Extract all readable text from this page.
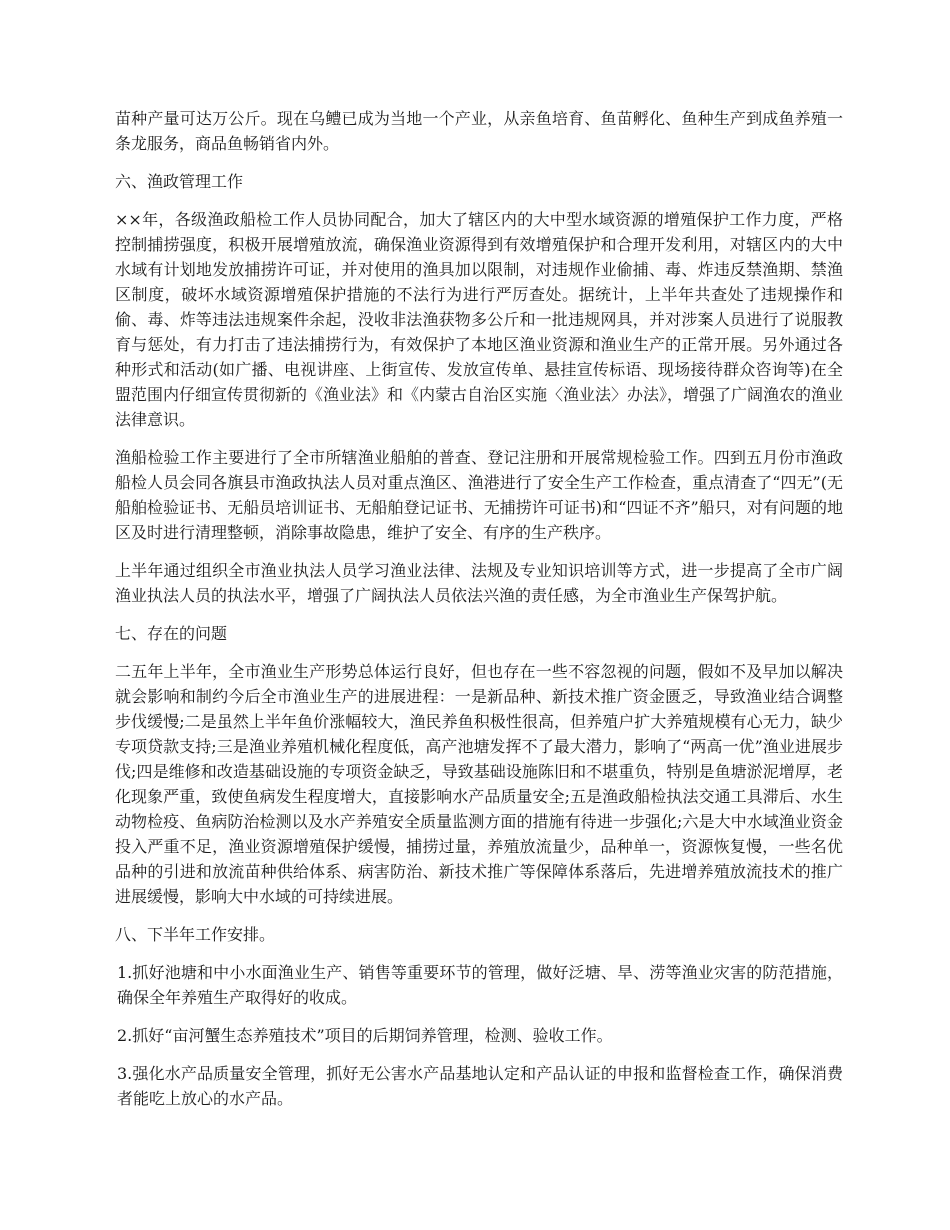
苗种产量可达万公斤。现在乌鳢已成为当地一个产业，从亲鱼培育、鱼苗孵化、鱼种生产到成鱼养殖一条龙服务，商品鱼畅销省内外。

六、渔政管理工作

××年，各级渔政船检工作人员协同配合，加大了辖区内的大中型水域资源的增殖保护工作力度，严格控制捕捞强度，积极开展增殖放流，确保渔业资源得到有效增殖保护和合理开发利用，对辖区内的大中水域有计划地发放捕捞许可证，并对使用的渔具加以限制，对违规作业偷捕、毒、炸违反禁渔期、禁渔区制度，破坏水域资源增殖保护措施的不法行为进行严厉查处。据统计，上半年共查处了违规操作和偷、毒、炸等违法违规案件余起，没收非法渔获物多公斤和一批违规网具，并对涉案人员进行了说服教育与惩处，有力打击了违法捕捞行为，有效保护了本地区渔业资源和渔业生产的正常开展。另外通过各种形式和活动(如广播、电视讲座、上街宣传、发放宣传单、悬挂宣传标语、现场接待群众咨询等)在全盟范围内仔细宣传贯彻新的《渔业法》和《内蒙古自治区实施〈渔业法〉办法》，增强了广阔渔农的渔业法律意识。

渔船检验工作主要进行了全市所辖渔业船舶的普查、登记注册和开展常规检验工作。四到五月份市渔政船检人员会同各旗县市渔政执法人员对重点渔区、渔港进行了安全生产工作检查，重点清查了“四无”(无船舶检验证书、无船员培训证书、无船舶登记证书、无捕捞许可证书)和“四证不齐”船只，对有问题的地区及时进行清理整顿，消除事故隐患，维护了安全、有序的生产秩序。

上半年通过组织全市渔业执法人员学习渔业法律、法规及专业知识培训等方式，进一步提高了全市广阔渔业执法人员的执法水平，增强了广阔执法人员依法兴渔的责任感，为全市渔业生产保驾护航。

七、存在的问题

二五年上半年，全市渔业生产形势总体运行良好，但也存在一些不容忽视的问题，假如不及早加以解决就会影响和制约今后全市渔业生产的进展进程：一是新品种、新技术推广资金匮乏，导致渔业结合调整步伐缓慢;二是虽然上半年鱼价涨幅较大，渔民养鱼积极性很高，但养殖户扩大养殖规模有心无力，缺少专项贷款支持;三是渔业养殖机械化程度低，高产池塘发挥不了最大潜力，影响了“两高一优”渔业进展步伐;四是维修和改造基础设施的专项资金缺乏，导致基础设施陈旧和不堪重负，特别是鱼塘淤泥增厚，老化现象严重，致使鱼病发生程度增大，直接影响水产品质量安全;五是渔政船检执法交通工具滞后、水生动物检疫、鱼病防治检测以及水产养殖安全质量监测方面的措施有待进一步强化;六是大中水域渔业资金投入严重不足，渔业资源增殖保护缓慢，捕捞过量，养殖放流量少，品种单一，资源恢复慢，一些名优品种的引进和放流苗种供给体系、病害防治、新技术推广等保障体系落后，先进增养殖放流技术的推广进展缓慢，影响大中水域的可持续进展。

八、下半年工作安排。

1.抓好池塘和中小水面渔业生产、销售等重要环节的管理，做好泛塘、旱、涝等渔业灾害的防范措施，确保全年养殖生产取得好的收成。

2.抓好“亩河蟹生态养殖技术”项目的后期饲养管理，检测、验收工作。

3.强化水产品质量安全管理，抓好无公害水产品基地认定和产品认证的申报和监督检查工作，确保消费者能吃上放心的水产品。
